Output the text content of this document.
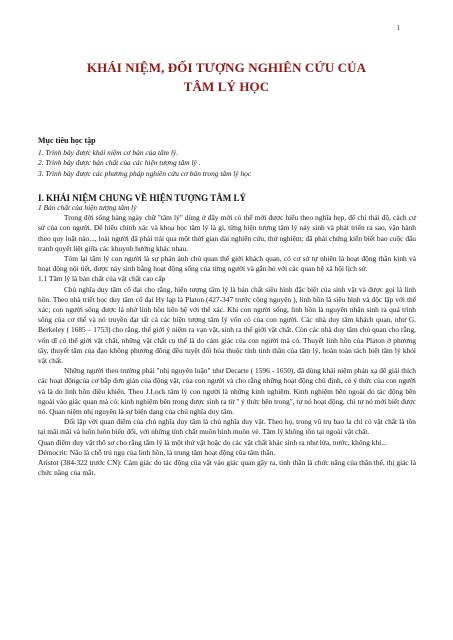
1
KHÁI NIỆM, ĐỐI TƯỢNG NGHIÊN CỨU CỦA
TÂM LÝ HỌC

Mục tiêu học tập

1. Trình bày được khái niệm cơ bản của tâm lý.

2. Trình bày được bản chất của các hiện tượng tâm lý .

3. Trình bày được các phương pháp nghiên cứu cơ bản trong tâm lý học

I. KHÁI NIỆM CHUNG VỀ HIỆN TƯỢNG TÂM LÝ

1 Bản chất của hiện tượng tâm lý

Trong đời sống hàng ngày chữ "tâm lý" dùng ở đây mới có thể mới được hiểu theo nghĩa hẹp, để chỉ thái độ, cách cư sử của con người. Để hiểu chính xác và khoa học tâm lý là gì, từng hiện tượng tâm lý nảy sinh và phát triển ra sao, vận hành theo quy luật nào..., loài người đã phải trải qua một thời gian dài nghiên cứu, thử nghiệm; đã phải chứng kiến biết bao cuộc đấu tranh quyết liệt giữa các khuynh hướng khác nhau.

Tóm lại tâm lý con người là sự phản ánh chủ quan thế giới khách quan, có cơ sở tự nhiên là hoạt động thần kinh và hoạt động nội tiết, được nảy sinh bằng hoạt động sống của từng người và gắn bó với các quan hệ xã hội lịch sử.

1.1 Tâm lý là bản chất của vật chất cao cấp

Chủ nghĩa duy tâm cổ đại cho rằng, hiện tượng tâm lý là bản chất siêu hình đặc biệt của sinh vật và được gọi là linh hồn. Theo nhà triết học duy tâm cổ đại Hy lạp là Platon (427-347 trước công nguyên ), linh hồn là siêu hình và độc lập với thể xác; con người sống được là nhờ linh hồn liên hệ với thể xác. Khi con người sống, linh hồn là nguyên nhân sinh ra quá trình sống của cơ thể và nó truyền đạt tất cả các hiện tượng tâm lý vốn có của con người. Các nhà duy tâm khách quan, như G. Berkeley ( 1685 – 1753) cho rằng, thế giới ý niệm ra vạn vật, sinh ra thế giới vật chất. Còn các nhà duy tâm chủ quan cho rằng, vốn dĩ có thế giới vật chất, những vật chất cụ thể là do cảm giác của con người mà có. Thuyết linh hồn của Platon ở phương tây, thuyết tâm của đạo không phương đông đều tuyệt đối hóa thuộc tính tinh thần của tâm lý, hoàn toàn tách biệt tâm lý khỏi vật chất.

Những người theo trường phái "nhị nguyên luận" như Decarte ( 1596 - 1650), đã dùng khái niệm phản xạ để giải thích các hoạt độngcủa cơ bắp đơn giản của động vật, của con người và cho rằng những hoạt động chủ định, có ý thức của con người và là do linh hồn điều khiển. Theo J.Lock tâm lý con người là những kinh nghiệm. Kinh nghiệm bên ngoài do tác động bên ngoài vào giác quan mà có; kinh nghiệm bên trong được sinh ra từ " ý thức bên trong", tự nó hoạt động, chỉ tự nó mới biết được nó. Quan niệm nhị nguyên là sự biện dạng của chủ nghĩa duy tâm.

Đối lập với quan điểm của chủ nghĩa duy tâm là chủ nghĩa duy vật. Theo họ, trong vũ trụ bao la chỉ có vật chất là tồn tại mãi mãi và luôn luôn biến đổi, với những tính chất muôn hình muôn vẻ. Tâm lý không tồn tại ngoài vật chất.

Quan điểm duy vật thô sơ cho rằng tâm lý là một thứ vật hoặc do các vật chất khác sinh ra như lửa, nước, không khí...

Démocrit: Não là chỗ trú ngụ của linh hồn, là trung tâm hoạt động của tâm thần.

Aristot (384-322 trước CN): Cảm giác do tác động của vật vào giác quan gây ra, tinh thần là chức năng của thân thể, thị giác là chức năng của mắt.
